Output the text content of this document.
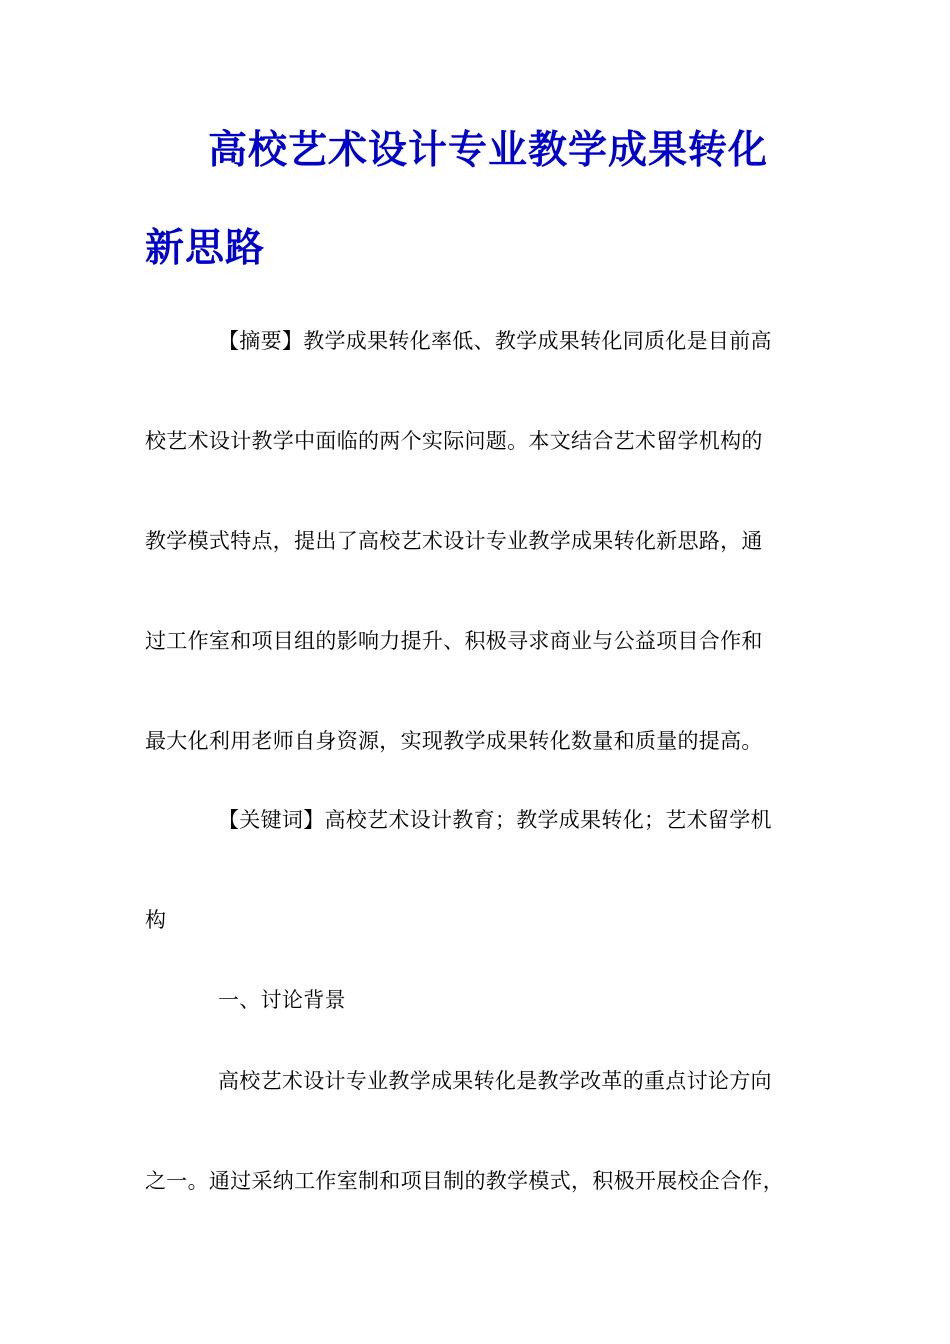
高校艺术设计专业教学成果转化
新思路
【摘要】教学成果转化率低、教学成果转化同质化是目前高
校艺术设计教学中面临的两个实际问题。本文结合艺术留学机构的
教学模式特点，提出了高校艺术设计专业教学成果转化新思路，通
过工作室和项目组的影响力提升、积极寻求商业与公益项目合作和
最大化利用老师自身资源，实现教学成果转化数量和质量的提高。
【关键词】高校艺术设计教育；教学成果转化；艺术留学机
构
一、讨论背景
高校艺术设计专业教学成果转化是教学改革的重点讨论方向
之一。通过采纳工作室制和项目制的教学模式，积极开展校企合作，
